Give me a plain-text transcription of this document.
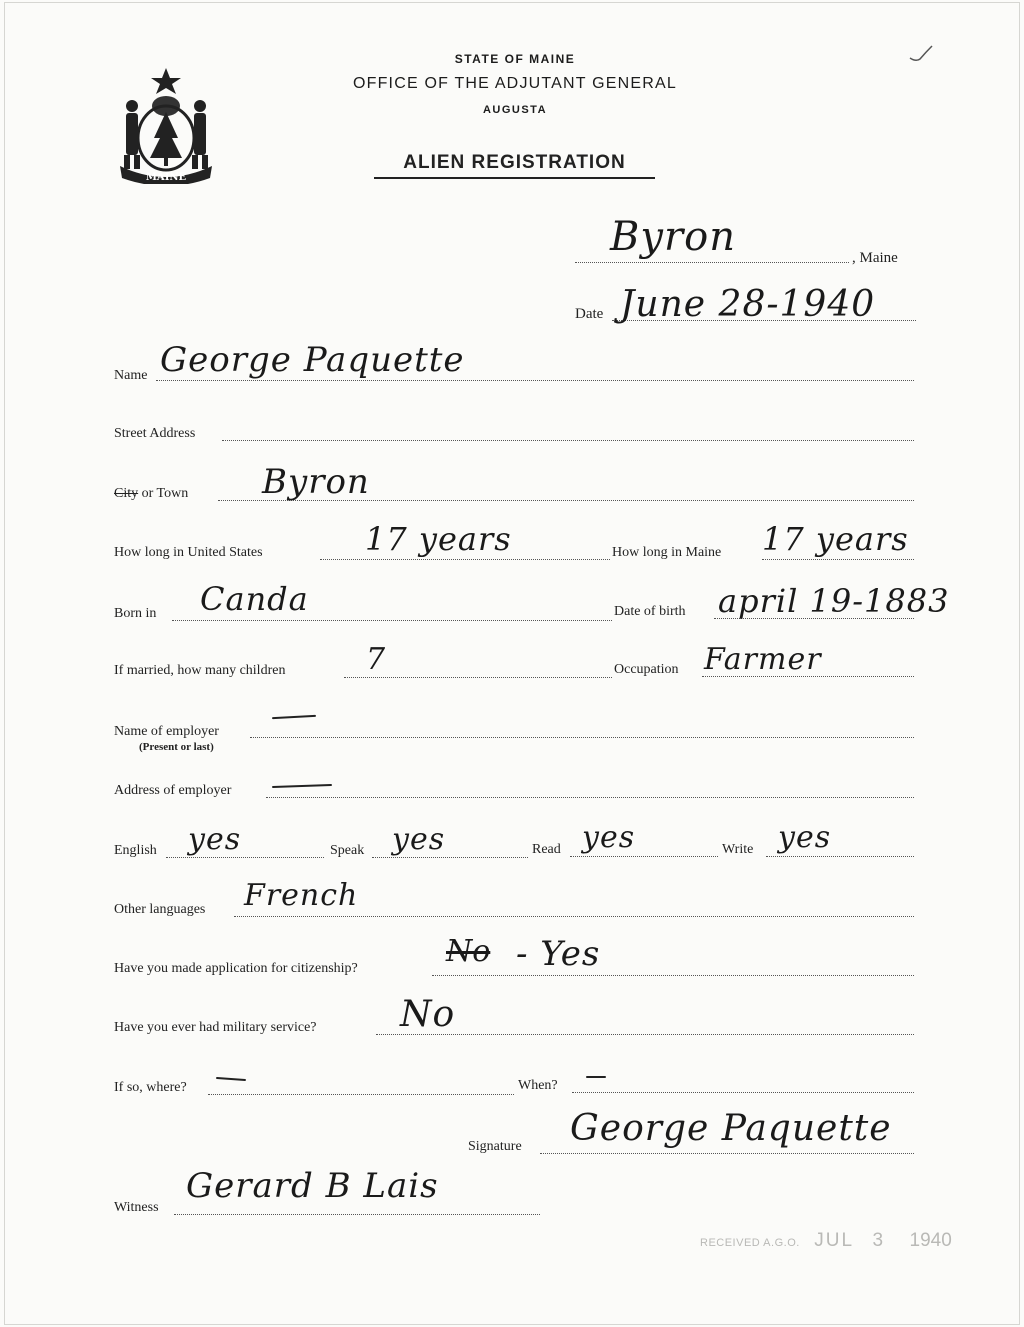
MAINE
STATE OF MAINE
OFFICE OF THE ADJUTANT GENERAL
AUGUSTA
ALIEN REGISTRATION
Byron	, Maine
Date June 28-1940
Name George Paquette
Street Address
City or Town Byron
How long in United States	17 years	How long in Maine 17 years
Born in Canda	Date of birth april 19-1883
If married, how many children	7	Occupation Farmer
Name of employer
(Present or last)
Address of employer
English yes	Speak yes	Read yes	Write yes
Other languages French
Have you made application for citizenship?	No - Yes
Have you ever had military service? No
If so, where?	When?
Signature George Paquette
Witness
Gerard B Lais
RECEIVED A.G.O. JUL 3 1940
